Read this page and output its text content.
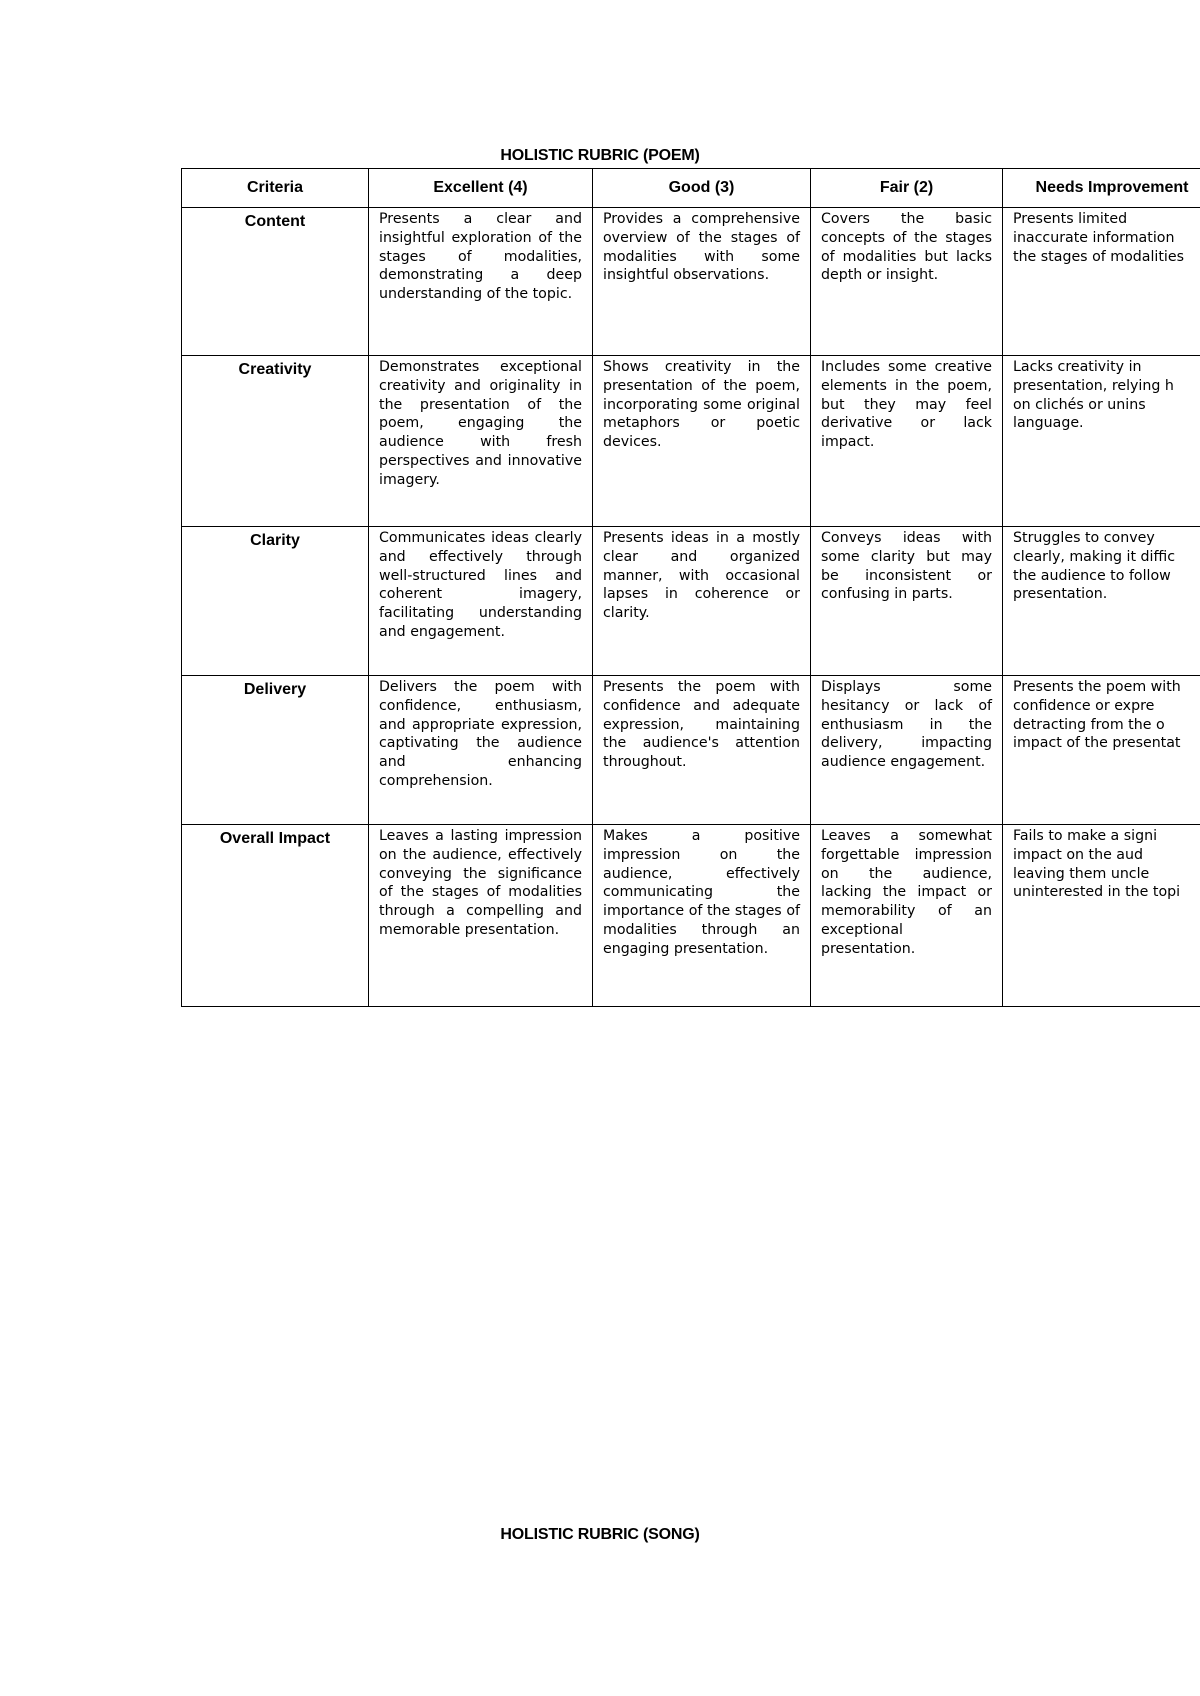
HOLISTIC RUBRIC (POEM)
Criteria	Excellent (4)	Good (3)	Fair (2)	Needs Improvement
Content	Presents a clear and insightful exploration of the stages of modalities, demonstrating a deep understanding of the topic.	Provides a comprehensive overview of the stages of modalities with some insightful observations.	Covers the basic concepts of the stages of modalities but lacks depth or insight.	Presents limited
inaccurate information
the stages of modalities
Creativity	Demonstrates exceptional creativity and originality in the presentation of the poem, engaging the audience with fresh perspectives and innovative imagery.	Shows creativity in the presentation of the poem, incorporating some original metaphors or poetic devices.	Includes some creative elements in the poem, but they may feel derivative or lack impact.	Lacks creativity in
presentation, relying h
on clichés or unins
language.
Clarity	Communicates ideas clearly and effectively through well-structured lines and coherent imagery, facilitating understanding and engagement.	Presents ideas in a mostly clear and organized manner, with occasional lapses in coherence or clarity.	Conveys ideas with some clarity but may be inconsistent or confusing in parts.	Struggles to convey
clearly, making it diffic
the audience to follow
presentation.
Delivery	Delivers the poem with confidence, enthusiasm, and appropriate expression, captivating the audience and enhancing comprehension.	Presents the poem with confidence and adequate expression, maintaining the audience's attention throughout.	Displays some hesitancy or lack of enthusiasm in the delivery, impacting audience engagement.	Presents the poem with
confidence or expre
detracting from the o
impact of the presentat
Overall Impact	Leaves a lasting impression on the audience, effectively conveying the significance of the stages of modalities through a compelling and memorable presentation.	Makes a positive impression on the audience, effectively communicating the importance of the stages of modalities through an engaging presentation.	Leaves a somewhat forgettable impression on the audience, lacking the impact or memorability of an exceptional presentation.	Fails to make a signi
impact on the aud
leaving them uncle
uninterested in the topi
HOLISTIC RUBRIC (SONG)
